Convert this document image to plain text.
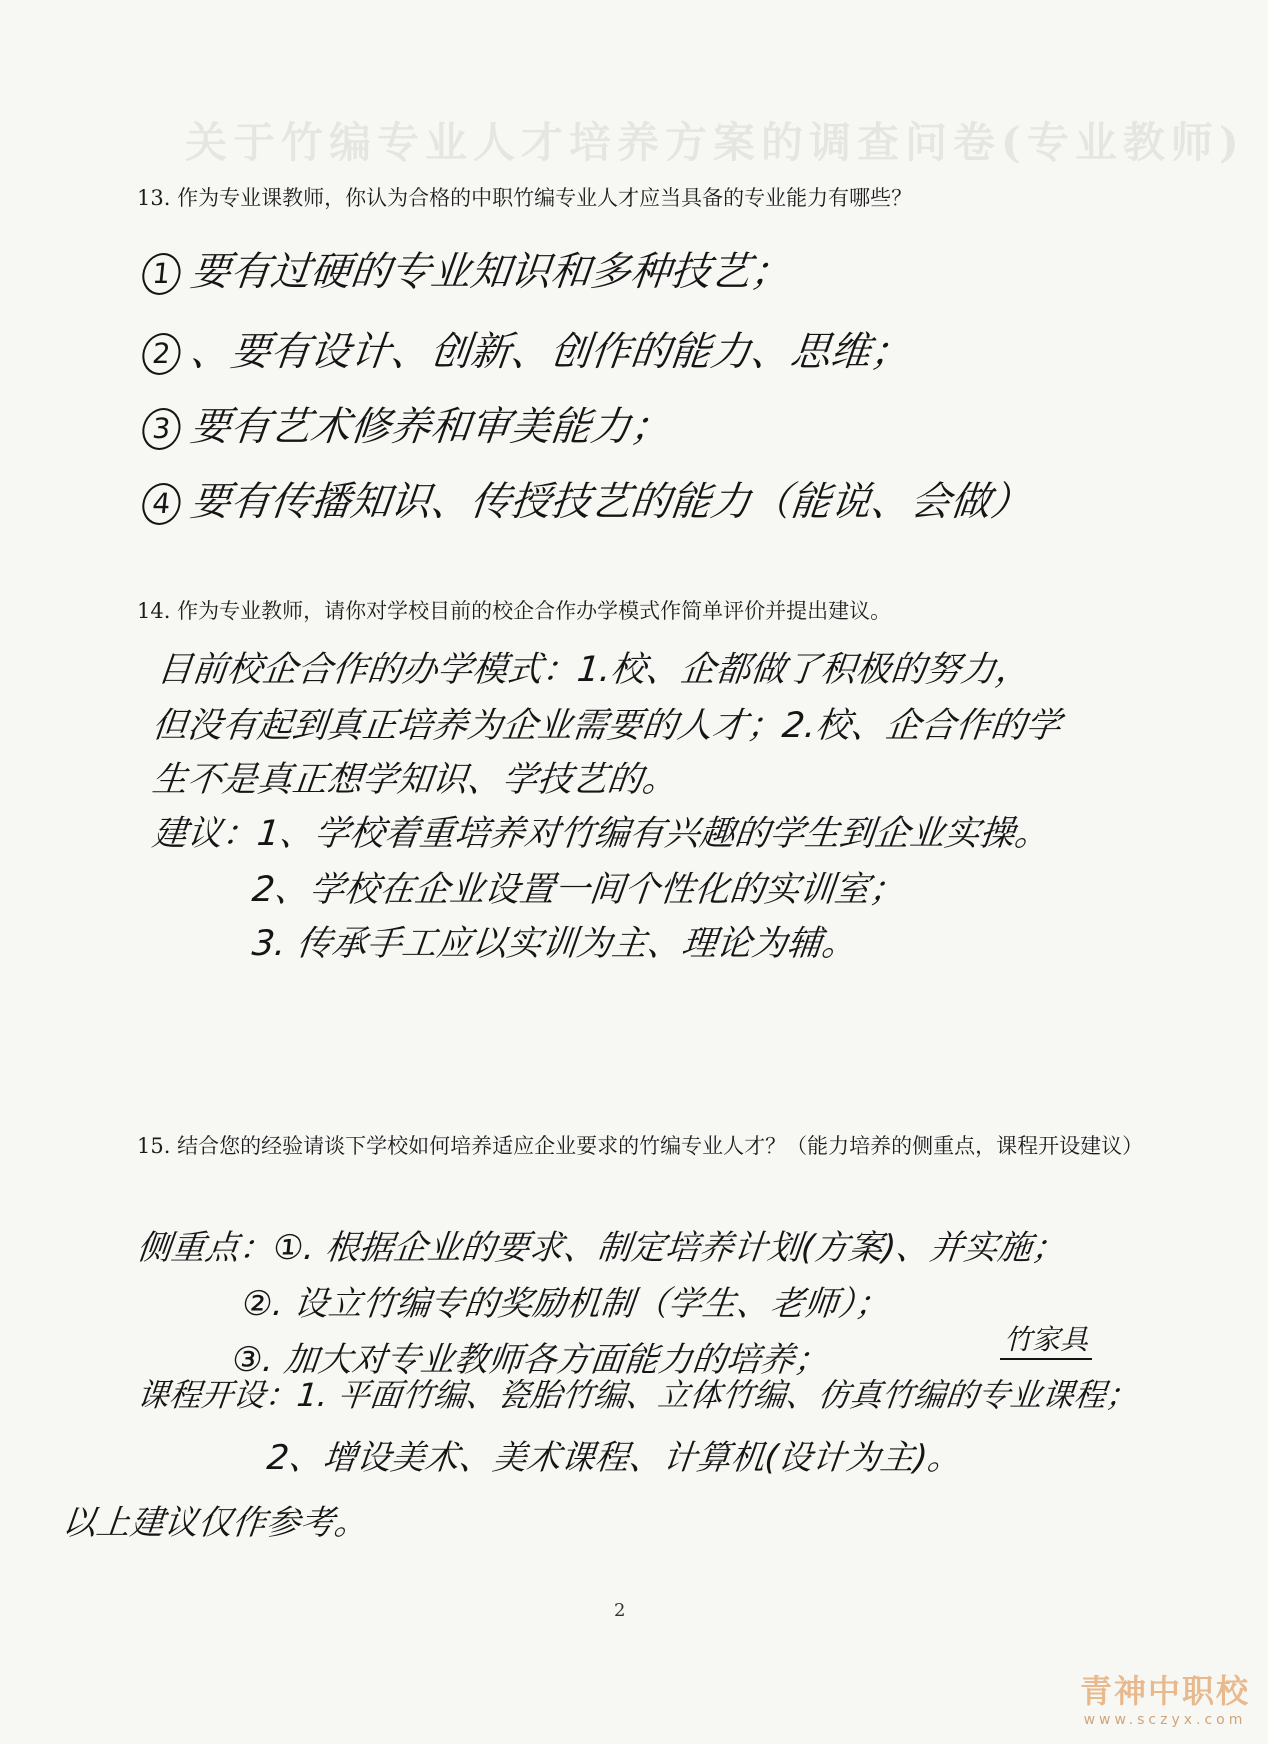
关于竹编专业人才培养方案的调查问卷(专业教师)

13. 作为专业课教师，你认为合格的中职竹编专业人才应当具备的专业能力有哪些？

1 要有过硬的专业知识和多种技艺；
2 、要有设计、创新、创作的能力、思维；
3 要有艺术修养和审美能力；
4 要有传播知识、传授技艺的能力（能说、会做）

14. 作为专业教师，请你对学校目前的校企合作办学模式作简单评价并提出建议。

目前校企合作的办学模式：1.校、企都做了积极的努力，
但没有起到真正培养为企业需要的人才；2.校、企合作的学
生不是真正想学知识、学技艺的。
建议：1、学校着重培养对竹编有兴趣的学生到企业实操。
2、学校在企业设置一间个性化的实训室；
3. 传承手工应以实训为主、理论为辅。

15. 结合您的经验请谈下学校如何培养适应企业要求的竹编专业人才？（能力培养的侧重点，课程开设建议）

侧重点：①. 根据企业的要求、制定培养计划(方案)、并实施；
②. 设立竹编专的奖励机制（学生、老师）；
③. 加大对专业教师各方面能力的培养；
竹家具
课程开设：1. 平面竹编、瓷胎竹编、立体竹编、仿真竹编的专业课程；
2、增设美术、美术课程、计算机(设计为主)。
以上建议仅作参考。
2
青神中职校
www.sczyx.com
